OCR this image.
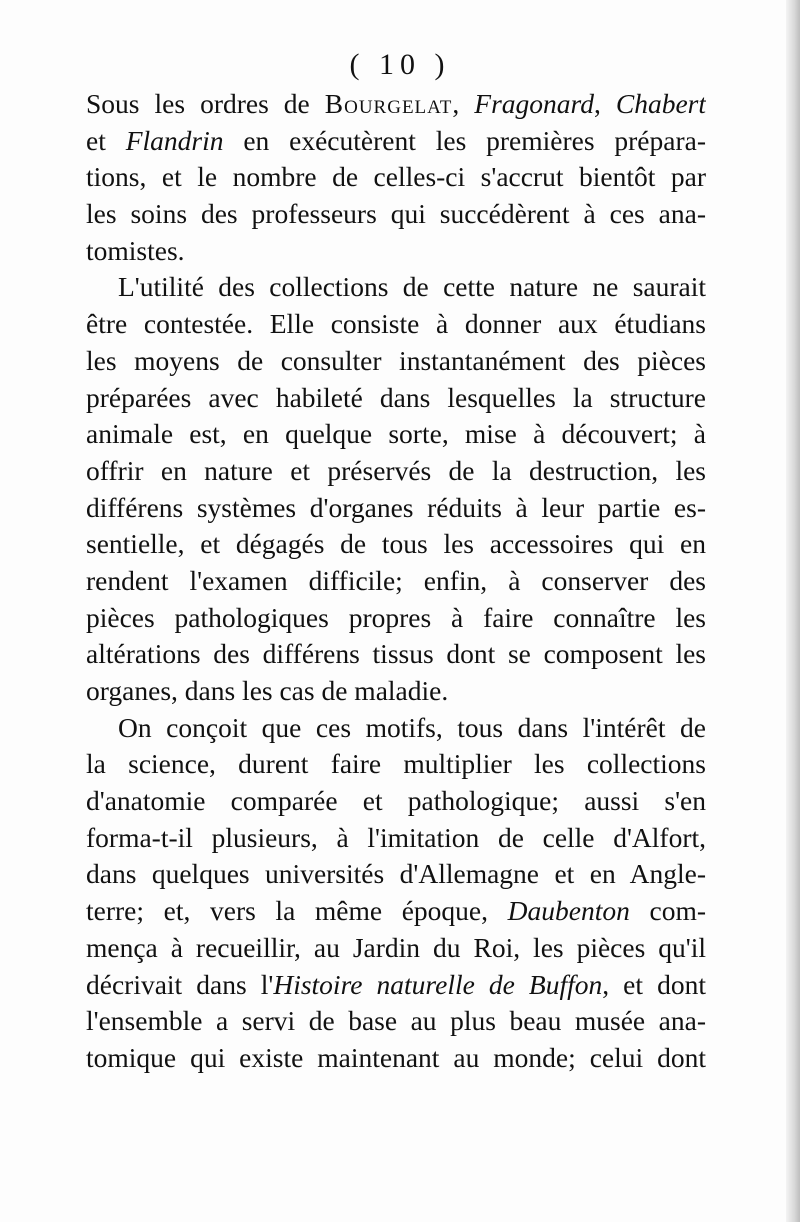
( 10 )
Sous les ordres de Bourgelat, Fragonard, Chabert
et Flandrin en exécutèrent les premières prépara-
tions, et le nombre de celles-ci s'accrut bientôt par
les soins des professeurs qui succédèrent à ces ana-
tomistes.
L'utilité des collections de cette nature ne saurait
être contestée. Elle consiste à donner aux étudians
les moyens de consulter instantanément des pièces
préparées avec habileté dans lesquelles la structure
animale est, en quelque sorte, mise à découvert; à
offrir en nature et préservés de la destruction, les
différens systèmes d'organes réduits à leur partie es-
sentielle, et dégagés de tous les accessoires qui en
rendent l'examen difficile; enfin, à conserver des
pièces pathologiques propres à faire connaître les
altérations des différens tissus dont se composent les
organes, dans les cas de maladie.
On conçoit que ces motifs, tous dans l'intérêt de
la science, durent faire multiplier les collections
d'anatomie comparée et pathologique; aussi s'en
forma-t-il plusieurs, à l'imitation de celle d'Alfort,
dans quelques universités d'Allemagne et en Angle-
terre; et, vers la même époque, Daubenton com-
mença à recueillir, au Jardin du Roi, les pièces qu'il
décrivait dans l'Histoire naturelle de Buffon, et dont
l'ensemble a servi de base au plus beau musée ana-
tomique qui existe maintenant au monde; celui dont
